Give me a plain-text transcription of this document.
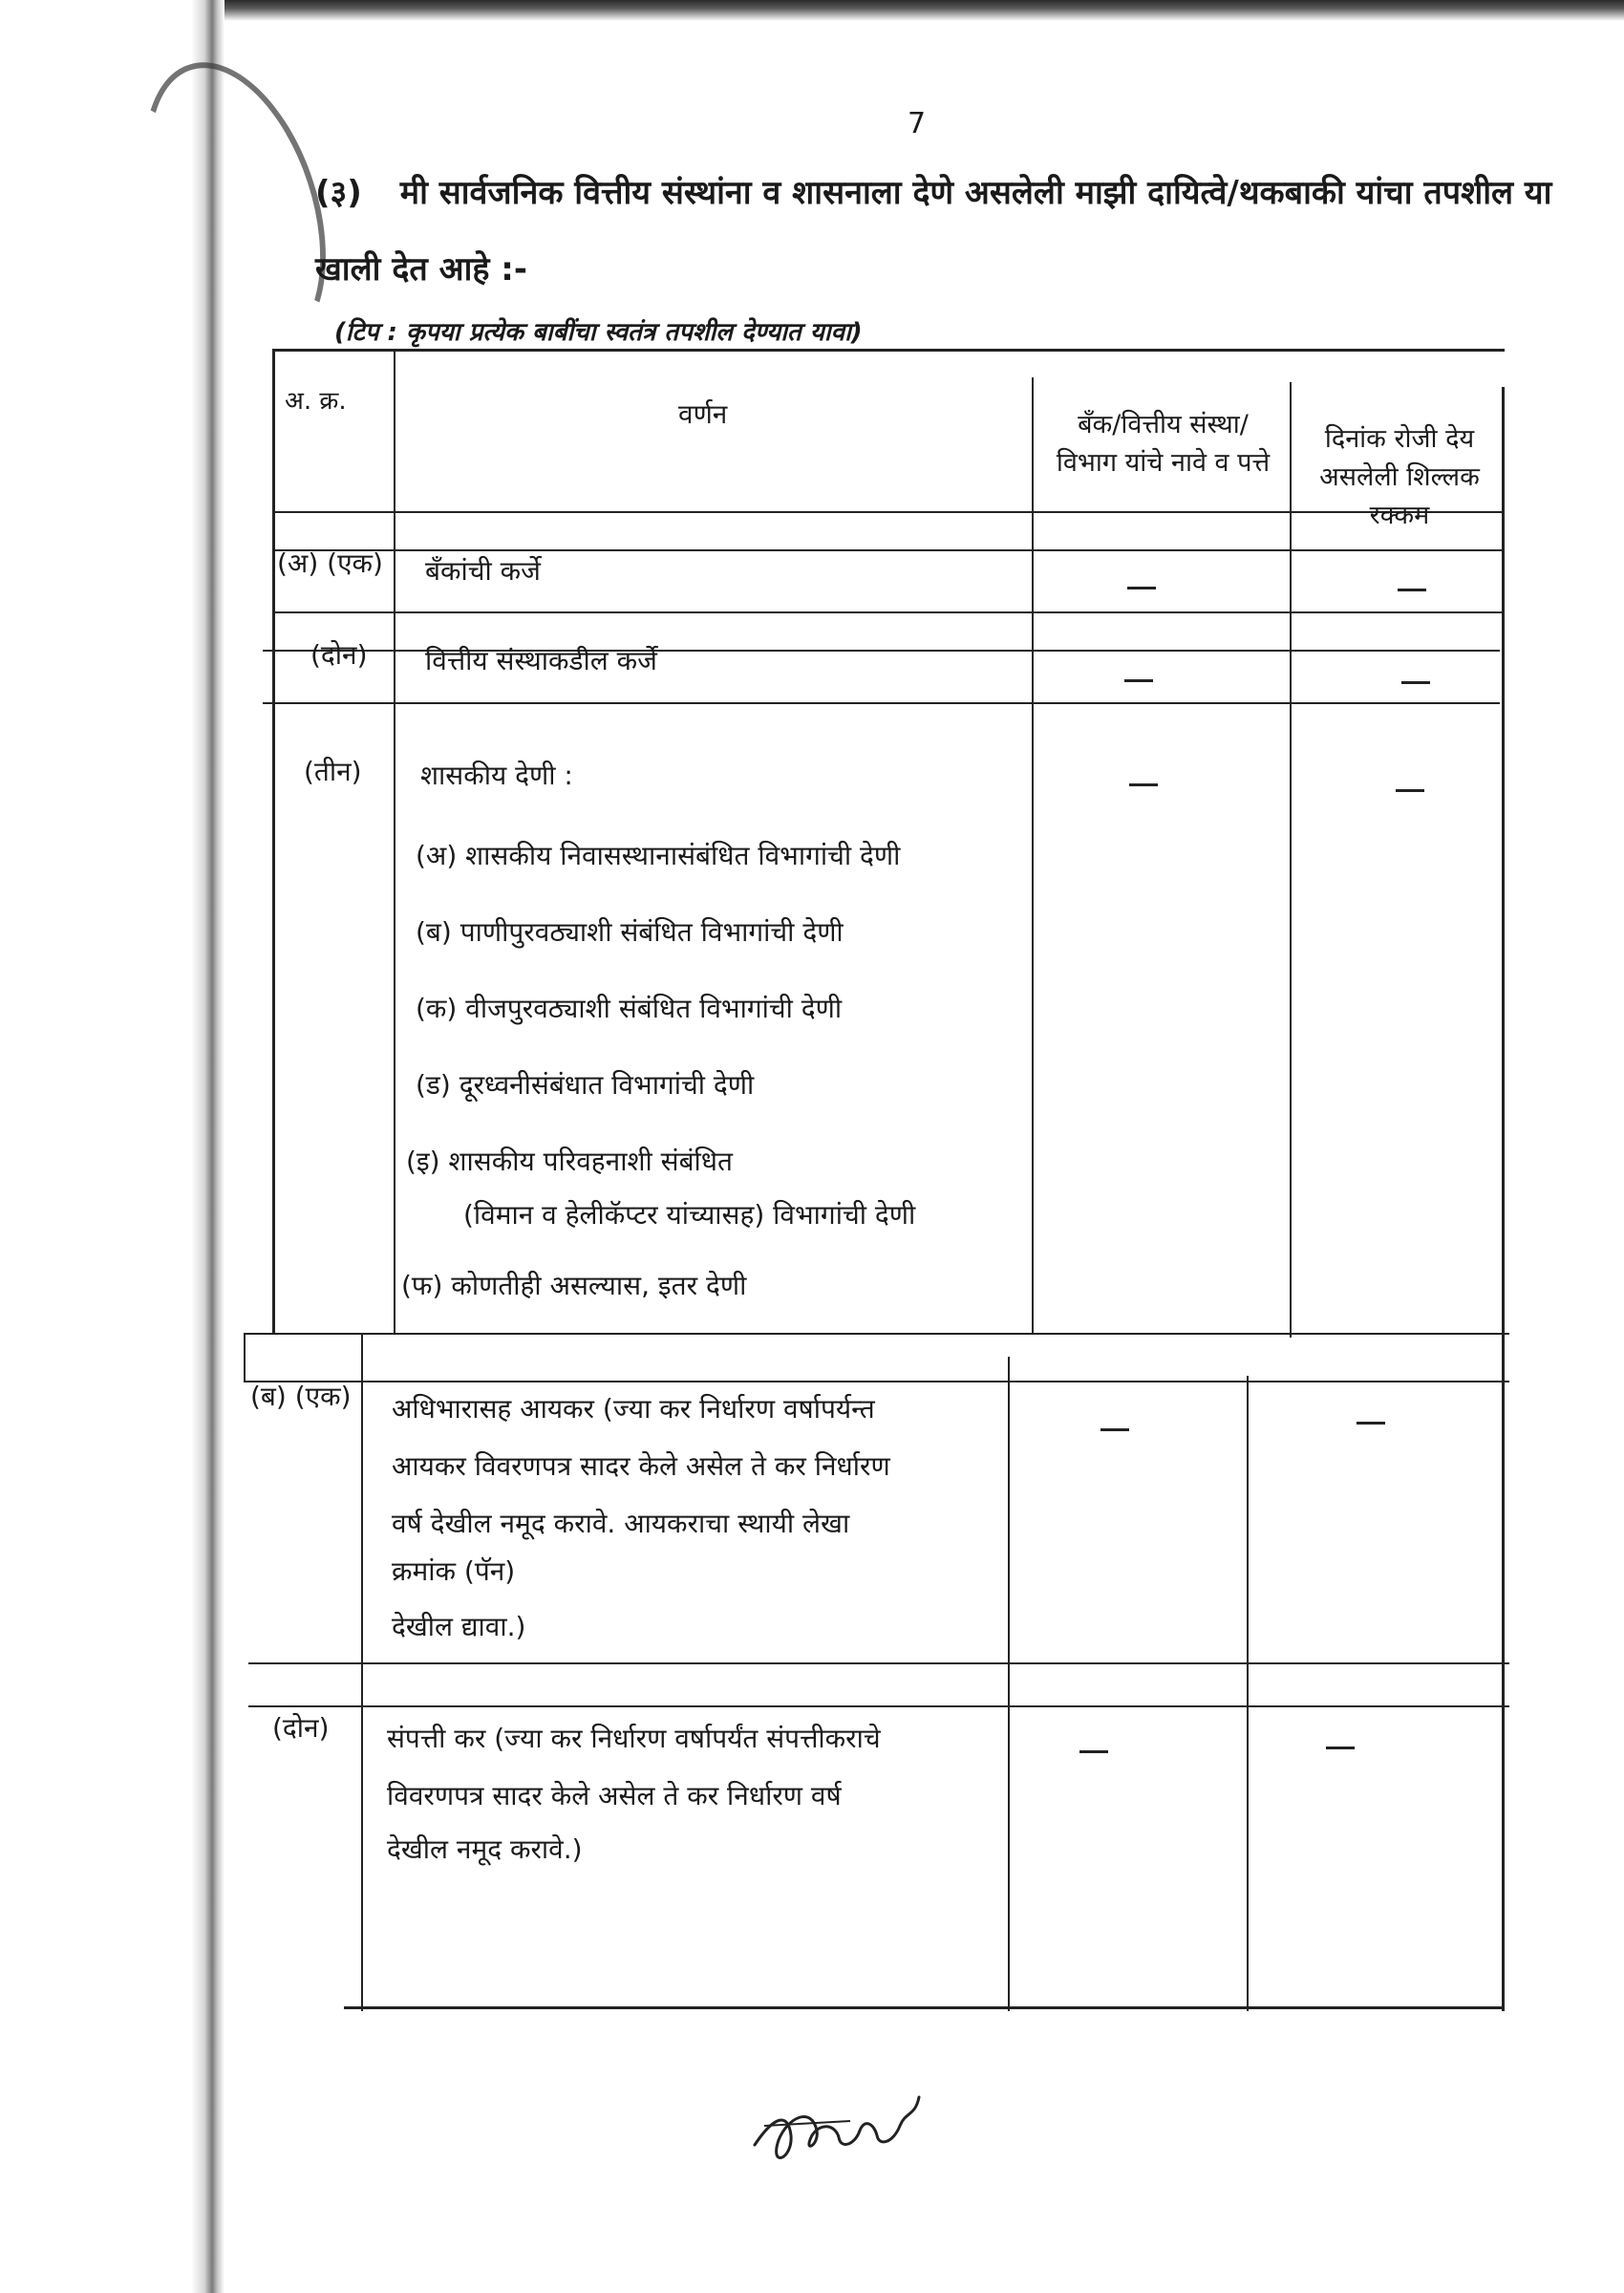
7
(३) मी सार्वजनिक वित्तीय संस्थांना व शासनाला देणे असलेली माझी दायित्वे/थकबाकी यांचा तपशील या खाली देत आहे :-
(टिप : कृपया प्रत्येक बाबींचा स्वतंत्र तपशील देण्यात यावा)
अ. क्र.	वर्णन	बँक/वित्तीय संस्था/ विभाग यांचे नावे व पत्ते
दिनांक रोजी देय असलेली शिल्लक रक्कम
(अ) (एक) बँकांची कर्जे
(दोन) वित्तीय संस्थाकडील कर्जे
(तीन) शासकीय देणी :
(अ) शासकीय निवासस्थानासंबंधित विभागांची देणी
(ब) पाणीपुरवठ्याशी संबंधित विभागांची देणी
(क) वीजपुरवठ्याशी संबंधित विभागांची देणी
(ड) दूरध्वनीसंबंधात विभागांची देणी
(इ) शासकीय परिवहनाशी संबंधित
(विमान व हेलीकॅप्टर यांच्यासह) विभागांची देणी
(फ) कोणतीही असल्यास, इतर देणी
(ब) (एक) अधिभारासह आयकर (ज्या कर निर्धारण वर्षापर्यन्त
आयकर विवरणपत्र सादर केले असेल ते कर निर्धारण
वर्ष देखील नमूद करावे. आयकराचा स्थायी लेखा
क्रमांक (पॅन)
देखील द्यावा.)
(दोन) संपत्ती कर (ज्या कर निर्धारण वर्षापर्यंत संपत्तीकराचे
विवरणपत्र सादर केले असेल ते कर निर्धारण वर्ष
देखील नमूद करावे.)
